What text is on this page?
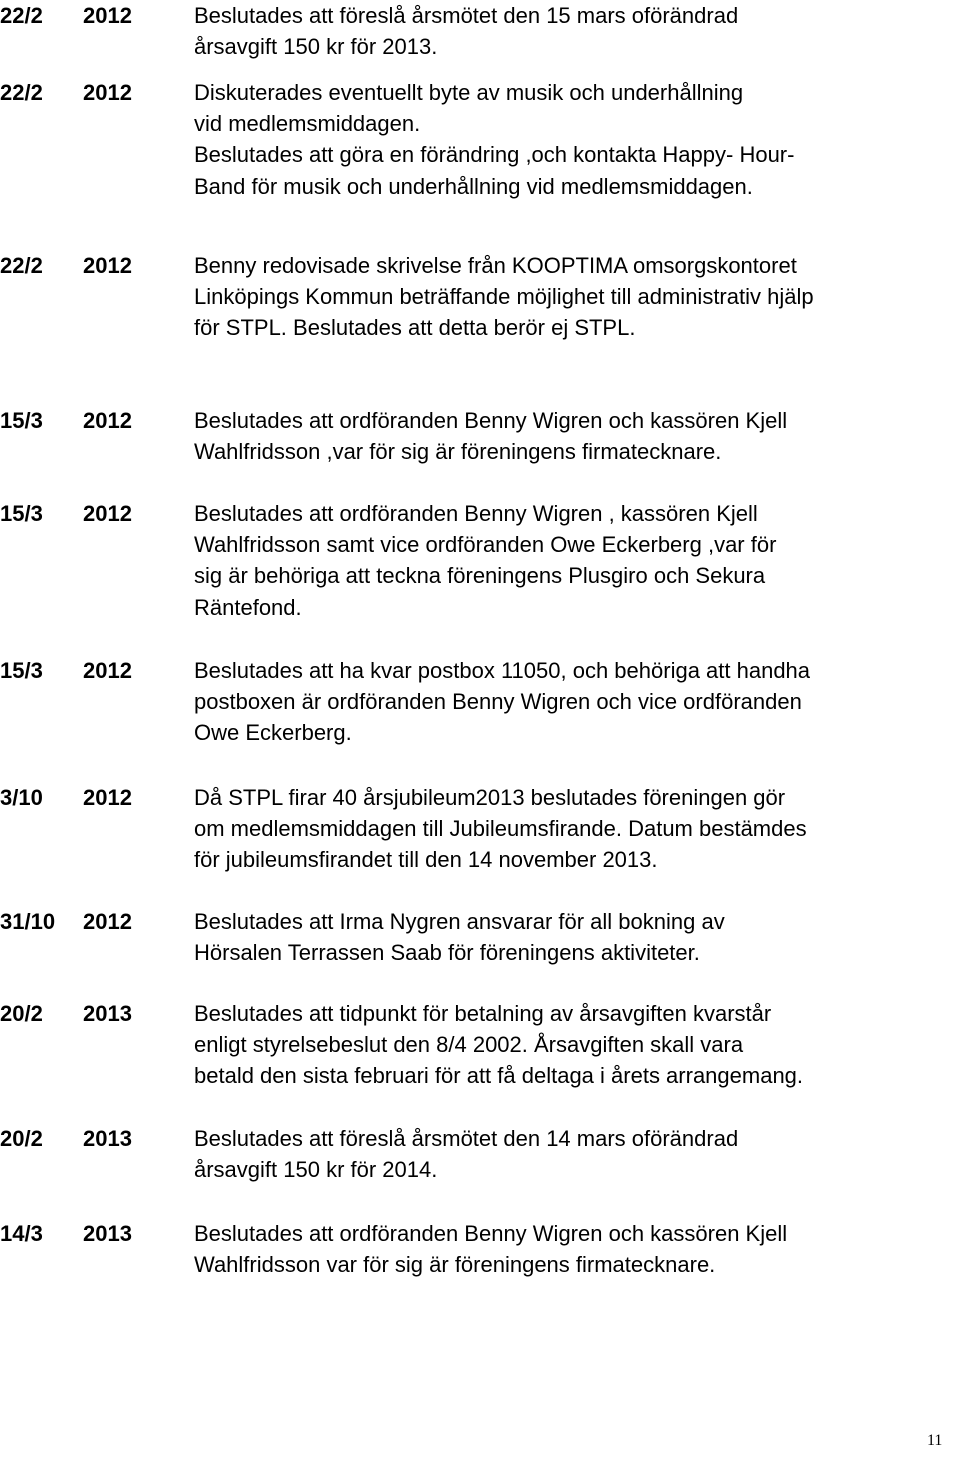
22/2 2012	Beslutades att föreslå årsmötet den 15 mars oförändrad
årsavgift 150 kr för 2013.
22/2 2012	Diskuterades eventuellt byte av musik och underhållning
vid medlemsmiddagen.
Beslutades att göra en förändring ,och kontakta Happy- Hour-
Band för musik och underhållning vid medlemsmiddagen.
22/2 2012	Benny redovisade skrivelse från KOOPTIMA omsorgskontoret
Linköpings Kommun beträffande möjlighet till administrativ hjälp
för STPL. Beslutades att detta berör ej STPL.
15/3 2012	Beslutades att ordföranden Benny Wigren och kassören Kjell
Wahlfridsson ,var för sig är föreningens firmatecknare.
15/3 2012	Beslutades att ordföranden Benny Wigren , kassören Kjell
Wahlfridsson samt vice ordföranden Owe Eckerberg ,var för
sig är behöriga att teckna föreningens Plusgiro och Sekura
Räntefond.
15/3 2012	Beslutades att ha kvar postbox 11050, och behöriga att handha
postboxen är ordföranden Benny Wigren och vice ordföranden
Owe Eckerberg.
3/10 2012	Då STPL firar 40 årsjubileum2013 beslutades föreningen gör
om medlemsmiddagen till Jubileumsfirande. Datum bestämdes
för jubileumsfirandet till den 14 november 2013.
31/10 2012	Beslutades att Irma Nygren ansvarar för all bokning av
Hörsalen Terrassen Saab för föreningens aktiviteter.
20/2 2013	Beslutades att tidpunkt för betalning av årsavgiften kvarstår
enligt styrelsebeslut den 8/4 2002. Årsavgiften skall vara
betald den sista februari för att få deltaga i årets arrangemang.
20/2 2013	Beslutades att föreslå årsmötet den 14 mars oförändrad
årsavgift 150 kr för 2014.
14/3 2013	Beslutades att ordföranden Benny Wigren och kassören Kjell
Wahlfridsson var för sig är föreningens firmatecknare.
11
